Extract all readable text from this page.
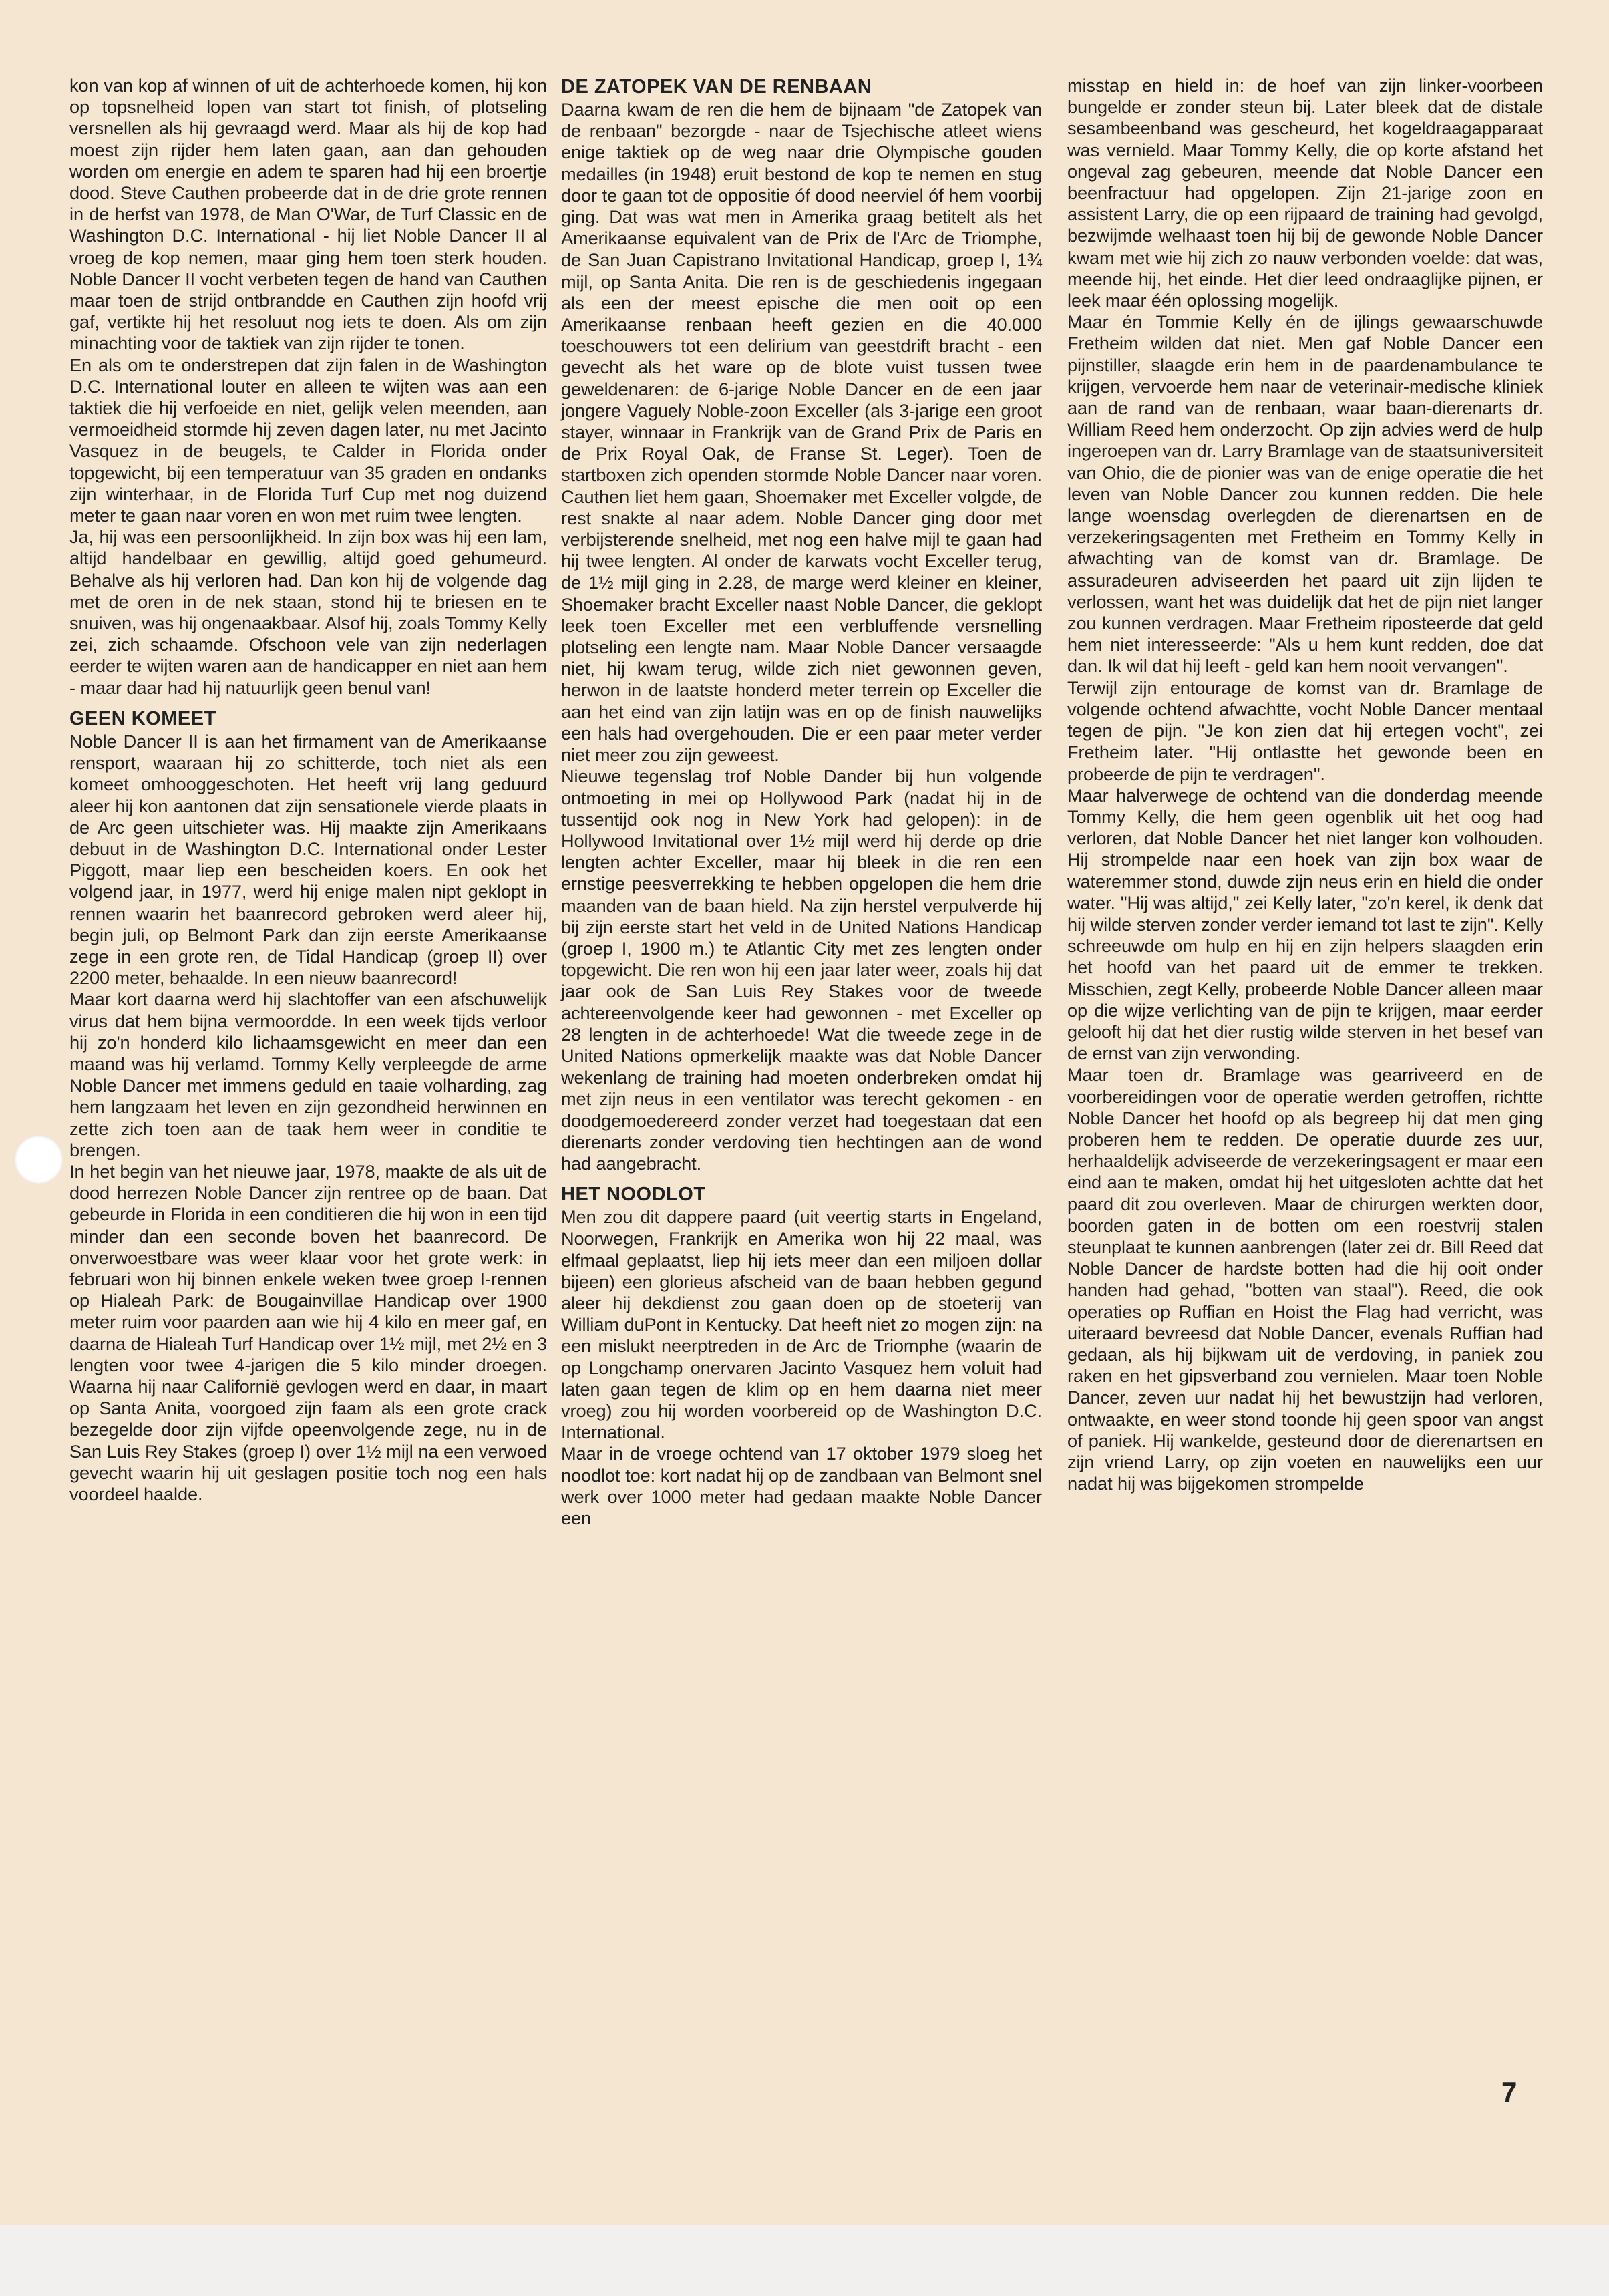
kon van kop af winnen of uit de achterhoede komen, hij kon op topsnelheid lopen van start tot finish, of plotseling versnellen als hij gevraagd werd. Maar als hij de kop had moest zijn rijder hem laten gaan, aan dan gehouden worden om energie en adem te sparen had hij een broertje dood. Steve Cauthen probeerde dat in de drie grote rennen in de herfst van 1978, de Man O'War, de Turf Classic en de Washington D.C. International - hij liet Noble Dancer II al vroeg de kop nemen, maar ging hem toen sterk houden. Noble Dancer II vocht verbeten tegen de hand van Cauthen maar toen de strijd ontbrandde en Cauthen zijn hoofd vrij gaf, vertikte hij het resoluut nog iets te doen. Als om zijn minachting voor de taktiek van zijn rijder te tonen.

En als om te onderstrepen dat zijn falen in de Washington D.C. International louter en alleen te wijten was aan een taktiek die hij verfoeide en niet, gelijk velen meenden, aan vermoeidheid stormde hij zeven dagen later, nu met Jacinto Vasquez in de beugels, te Calder in Florida onder topgewicht, bij een temperatuur van 35 graden en ondanks zijn winterhaar, in de Florida Turf Cup met nog duizend meter te gaan naar voren en won met ruim twee lengten.

Ja, hij was een persoonlijkheid. In zijn box was hij een lam, altijd handelbaar en gewillig, altijd goed gehumeurd. Behalve als hij verloren had. Dan kon hij de volgende dag met de oren in de nek staan, stond hij te briesen en te snuiven, was hij ongenaakbaar. Alsof hij, zoals Tommy Kelly zei, zich schaamde. Ofschoon vele van zijn nederlagen eerder te wijten waren aan de handicapper en niet aan hem - maar daar had hij natuurlijk geen benul van!

GEEN KOMEET

Noble Dancer II is aan het firmament van de Amerikaanse rensport, waaraan hij zo schitterde, toch niet als een komeet omhooggeschoten. Het heeft vrij lang geduurd aleer hij kon aantonen dat zijn sensationele vierde plaats in de Arc geen uitschieter was. Hij maakte zijn Amerikaans debuut in de Washington D.C. International onder Lester Piggott, maar liep een bescheiden koers. En ook het volgend jaar, in 1977, werd hij enige malen nipt geklopt in rennen waarin het baanrecord gebroken werd aleer hij, begin juli, op Belmont Park dan zijn eerste Amerikaanse zege in een grote ren, de Tidal Handicap (groep II) over 2200 meter, behaalde. In een nieuw baanrecord!

Maar kort daarna werd hij slachtoffer van een afschuwelijk virus dat hem bijna vermoordde. In een week tijds verloor hij zo'n honderd kilo lichaamsgewicht en meer dan een maand was hij verlamd. Tommy Kelly verpleegde de arme Noble Dancer met immens geduld en taaie volharding, zag hem langzaam het leven en zijn gezondheid herwinnen en zette zich toen aan de taak hem weer in conditie te brengen.

In het begin van het nieuwe jaar, 1978, maakte de als uit de dood herrezen Noble Dancer zijn rentree op de baan. Dat gebeurde in Florida in een conditieren die hij won in een tijd minder dan een seconde boven het baanrecord. De onverwoestbare was weer klaar voor het grote werk: in februari won hij binnen enkele weken twee groep I-rennen op Hialeah Park: de Bougainvillae Handicap over 1900 meter ruim voor paarden aan wie hij 4 kilo en meer gaf, en daarna de Hialeah Turf Handicap over 1½ mijl, met 2½ en 3 lengten voor twee 4-jarigen die 5 kilo minder droegen. Waarna hij naar Californië gevlogen werd en daar, in maart op Santa Anita, voorgoed zijn faam als een grote crack bezegelde door zijn vijfde opeenvolgende zege, nu in de San Luis Rey Stakes (groep I) over 1½ mijl na een verwoed gevecht waarin hij uit geslagen positie toch nog een hals voordeel haalde.

DE ZATOPEK VAN DE RENBAAN

Daarna kwam de ren die hem de bijnaam "de Zatopek van de renbaan" bezorgde - naar de Tsjechische atleet wiens enige taktiek op de weg naar drie Olympische gouden medailles (in 1948) eruit bestond de kop te nemen en stug door te gaan tot de oppositie óf dood neerviel óf hem voorbij ging. Dat was wat men in Amerika graag betitelt als het Amerikaanse equivalent van de Prix de l'Arc de Triomphe, de San Juan Capistrano Invitational Handicap, groep I, 1¾ mijl, op Santa Anita. Die ren is de geschiedenis ingegaan als een der meest epische die men ooit op een Amerikaanse renbaan heeft gezien en die 40.000 toeschouwers tot een delirium van geestdrift bracht - een gevecht als het ware op de blote vuist tussen twee geweldenaren: de 6-jarige Noble Dancer en de een jaar jongere Vaguely Noble-zoon Exceller (als 3-jarige een groot stayer, winnaar in Frankrijk van de Grand Prix de Paris en de Prix Royal Oak, de Franse St. Leger). Toen de startboxen zich openden stormde Noble Dancer naar voren. Cauthen liet hem gaan, Shoemaker met Exceller volgde, de rest snakte al naar adem. Noble Dancer ging door met verbijsterende snelheid, met nog een halve mijl te gaan had hij twee lengten. Al onder de karwats vocht Exceller terug, de 1½ mijl ging in 2.28, de marge werd kleiner en kleiner, Shoemaker bracht Exceller naast Noble Dancer, die geklopt leek toen Exceller met een verbluffende versnelling plotseling een lengte nam. Maar Noble Dancer versaagde niet, hij kwam terug, wilde zich niet gewonnen geven, herwon in de laatste honderd meter terrein op Exceller die aan het eind van zijn latijn was en op de finish nauwelijks een hals had overgehouden. Die er een paar meter verder niet meer zou zijn geweest.

Nieuwe tegenslag trof Noble Dander bij hun volgende ontmoeting in mei op Hollywood Park (nadat hij in de tussentijd ook nog in New York had gelopen): in de Hollywood Invitational over 1½ mijl werd hij derde op drie lengten achter Exceller, maar hij bleek in die ren een ernstige peesverrekking te hebben opgelopen die hem drie maanden van de baan hield. Na zijn herstel verpulverde hij bij zijn eerste start het veld in de United Nations Handicap (groep I, 1900 m.) te Atlantic City met zes lengten onder topgewicht. Die ren won hij een jaar later weer, zoals hij dat jaar ook de San Luis Rey Stakes voor de tweede achtereenvolgende keer had gewonnen - met Exceller op 28 lengten in de achterhoede! Wat die tweede zege in de United Nations opmerkelijk maakte was dat Noble Dancer wekenlang de training had moeten onderbreken omdat hij met zijn neus in een ventilator was terecht gekomen - en doodgemoedereerd zonder verzet had toegestaan dat een dierenarts zonder verdoving tien hechtingen aan de wond had aangebracht.

HET NOODLOT

Men zou dit dappere paard (uit veertig starts in Engeland, Noorwegen, Frankrijk en Amerika won hij 22 maal, was elfmaal geplaatst, liep hij iets meer dan een miljoen dollar bijeen) een glorieus afscheid van de baan hebben gegund aleer hij dekdienst zou gaan doen op de stoeterij van William duPont in Kentucky. Dat heeft niet zo mogen zijn: na een mislukt neerptreden in de Arc de Triomphe (waarin de op Longchamp onervaren Jacinto Vasquez hem voluit had laten gaan tegen de klim op en hem daarna niet meer vroeg) zou hij worden voorbereid op de Washington D.C. International.

Maar in de vroege ochtend van 17 oktober 1979 sloeg het noodlot toe: kort nadat hij op de zandbaan van Belmont snel werk over 1000 meter had gedaan maakte Noble Dancer een

misstap en hield in: de hoef van zijn linker-voorbeen bungelde er zonder steun bij. Later bleek dat de distale sesambeenband was gescheurd, het kogeldraagapparaat was vernield. Maar Tommy Kelly, die op korte afstand het ongeval zag gebeuren, meende dat Noble Dancer een beenfractuur had opgelopen. Zijn 21-jarige zoon en assistent Larry, die op een rijpaard de training had gevolgd, bezwijmde welhaast toen hij bij de gewonde Noble Dancer kwam met wie hij zich zo nauw verbonden voelde: dat was, meende hij, het einde. Het dier leed ondraaglijke pijnen, er leek maar één oplossing mogelijk.

Maar én Tommie Kelly én de ijlings gewaarschuwde Fretheim wilden dat niet. Men gaf Noble Dancer een pijnstiller, slaagde erin hem in de paardenambulance te krijgen, vervoerde hem naar de veterinair-medische kliniek aan de rand van de renbaan, waar baan-dierenarts dr. William Reed hem onderzocht. Op zijn advies werd de hulp ingeroepen van dr. Larry Bramlage van de staatsuniversiteit van Ohio, die de pionier was van de enige operatie die het leven van Noble Dancer zou kunnen redden. Die hele lange woensdag overlegden de dierenartsen en de verzekeringsagenten met Fretheim en Tommy Kelly in afwachting van de komst van dr. Bramlage. De assuradeuren adviseerden het paard uit zijn lijden te verlossen, want het was duidelijk dat het de pijn niet langer zou kunnen verdragen. Maar Fretheim riposteerde dat geld hem niet interesseerde: "Als u hem kunt redden, doe dat dan. Ik wil dat hij leeft - geld kan hem nooit vervangen".

Terwijl zijn entourage de komst van dr. Bramlage de volgende ochtend afwachtte, vocht Noble Dancer mentaal tegen de pijn. "Je kon zien dat hij ertegen vocht", zei Fretheim later. "Hij ontlastte het gewonde been en probeerde de pijn te verdragen".

Maar halverwege de ochtend van die donderdag meende Tommy Kelly, die hem geen ogenblik uit het oog had verloren, dat Noble Dancer het niet langer kon volhouden. Hij strompelde naar een hoek van zijn box waar de wateremmer stond, duwde zijn neus erin en hield die onder water. "Hij was altijd," zei Kelly later, "zo'n kerel, ik denk dat hij wilde sterven zonder verder iemand tot last te zijn". Kelly schreeuwde om hulp en hij en zijn helpers slaagden erin het hoofd van het paard uit de emmer te trekken. Misschien, zegt Kelly, probeerde Noble Dancer alleen maar op die wijze verlichting van de pijn te krijgen, maar eerder gelooft hij dat het dier rustig wilde sterven in het besef van de ernst van zijn verwonding.

Maar toen dr. Bramlage was gearriveerd en de voorbereidingen voor de operatie werden getroffen, richtte Noble Dancer het hoofd op als begreep hij dat men ging proberen hem te redden. De operatie duurde zes uur, herhaaldelijk adviseerde de verzekeringsagent er maar een eind aan te maken, omdat hij het uitgesloten achtte dat het paard dit zou overleven. Maar de chirurgen werkten door, boorden gaten in de botten om een roestvrij stalen steunplaat te kunnen aanbrengen (later zei dr. Bill Reed dat Noble Dancer de hardste botten had die hij ooit onder handen had gehad, "botten van staal"). Reed, die ook operaties op Ruffian en Hoist the Flag had verricht, was uiteraard bevreesd dat Noble Dancer, evenals Ruffian had gedaan, als hij bijkwam uit de verdoving, in paniek zou raken en het gipsverband zou vernielen. Maar toen Noble Dancer, zeven uur nadat hij het bewustzijn had verloren, ontwaakte, en weer stond toonde hij geen spoor van angst of paniek. Hij wankelde, gesteund door de dierenartsen en zijn vriend Larry, op zijn voeten en nauwelijks een uur nadat hij was bijgekomen strompelde

7
